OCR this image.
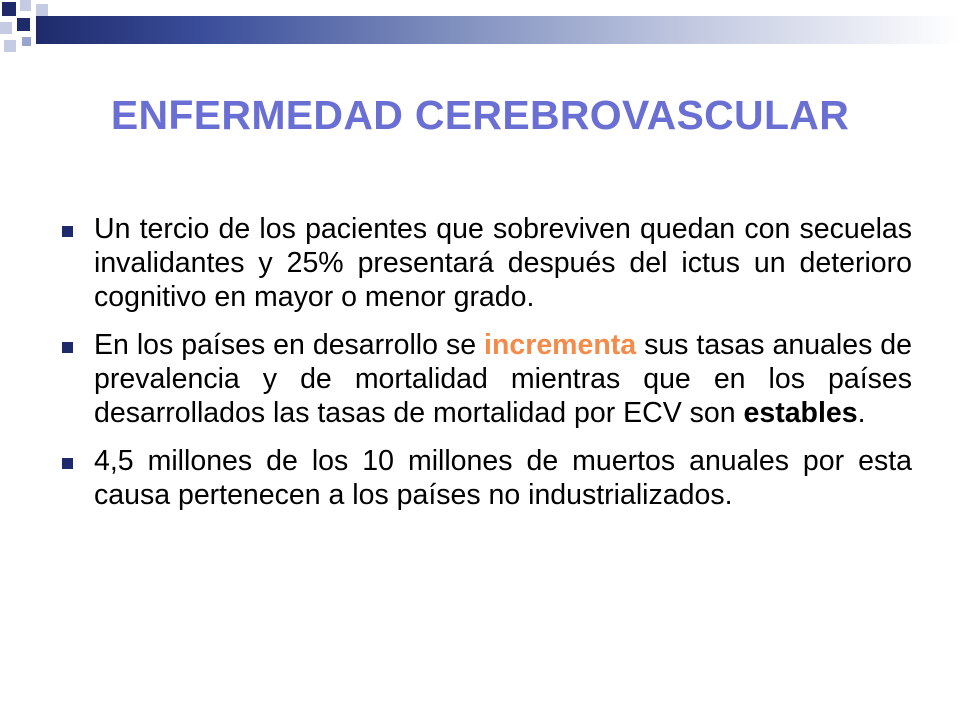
ENFERMEDAD CEREBROVASCULAR
Un tercio de los pacientes que sobreviven quedan con secuelas invalidantes y 25% presentará después del ictus un deterioro cognitivo en mayor o menor grado.
En los países en desarrollo se incrementa sus tasas anuales de prevalencia y de mortalidad mientras que en los países desarrollados las tasas de mortalidad por ECV son estables.
4,5 millones de los 10 millones de muertos anuales por esta causa pertenecen a los países no industrializados.
